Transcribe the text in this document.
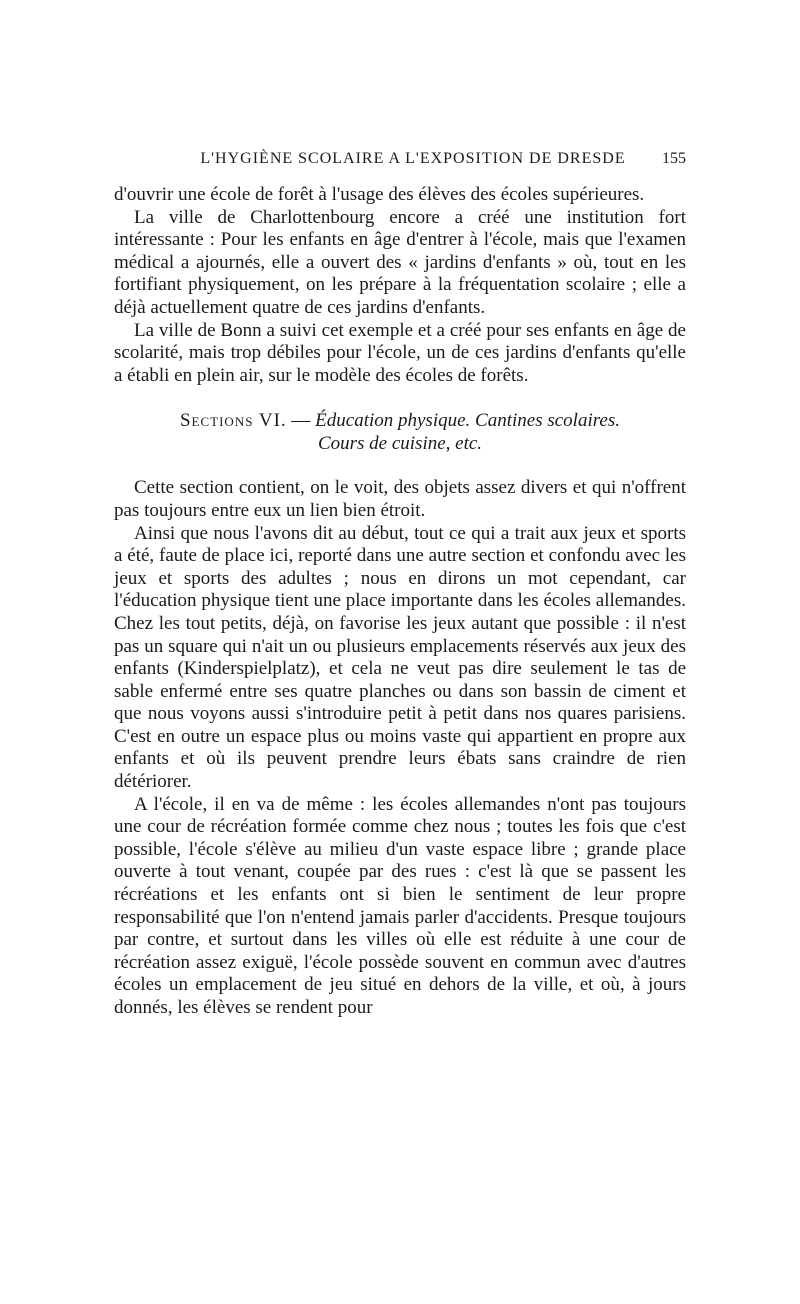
L'HYGIÈNE SCOLAIRE A L'EXPOSITION DE DRESDE	155

d'ouvrir une école de forêt à l'usage des élèves des écoles supérieures.

La ville de Charlottenbourg encore a créé une institution fort intéressante : Pour les enfants en âge d'entrer à l'école, mais que l'examen médical a ajournés, elle a ouvert des « jardins d'enfants » où, tout en les fortifiant physiquement, on les prépare à la fréquentation scolaire ; elle a déjà actuellement quatre de ces jardins d'enfants.

La ville de Bonn a suivi cet exemple et a créé pour ses enfants en âge de scolarité, mais trop débiles pour l'école, un de ces jardins d'enfants qu'elle a établi en plein air, sur le modèle des écoles de forêts.

Sections VI. — Éducation physique. Cantines scolaires.
Cours de cuisine, etc.

Cette section contient, on le voit, des objets assez divers et qui n'offrent pas toujours entre eux un lien bien étroit.

Ainsi que nous l'avons dit au début, tout ce qui a trait aux jeux et sports a été, faute de place ici, reporté dans une autre section et confondu avec les jeux et sports des adultes ; nous en dirons un mot cependant, car l'éducation physique tient une place importante dans les écoles allemandes. Chez les tout petits, déjà, on favorise les jeux autant que possible : il n'est pas un square qui n'ait un ou plusieurs emplacements réservés aux jeux des enfants (Kinderspielplatz), et cela ne veut pas dire seulement le tas de sable enfermé entre ses quatre planches ou dans son bassin de ciment et que nous voyons aussi s'introduire petit à petit dans nos quares parisiens. C'est en outre un espace plus ou moins vaste qui appartient en propre aux enfants et où ils peuvent prendre leurs ébats sans craindre de rien détériorer.

A l'école, il en va de même : les écoles allemandes n'ont pas toujours une cour de récréation formée comme chez nous ; toutes les fois que c'est possible, l'école s'élève au milieu d'un vaste espace libre ; grande place ouverte à tout venant, coupée par des rues : c'est là que se passent les récréations et les enfants ont si bien le sentiment de leur propre responsabilité que l'on n'entend jamais parler d'accidents. Presque toujours par contre, et surtout dans les villes où elle est réduite à une cour de récréation assez exiguë, l'école possède souvent en commun avec d'autres écoles un emplacement de jeu situé en dehors de la ville, et où, à jours donnés, les élèves se rendent pour
